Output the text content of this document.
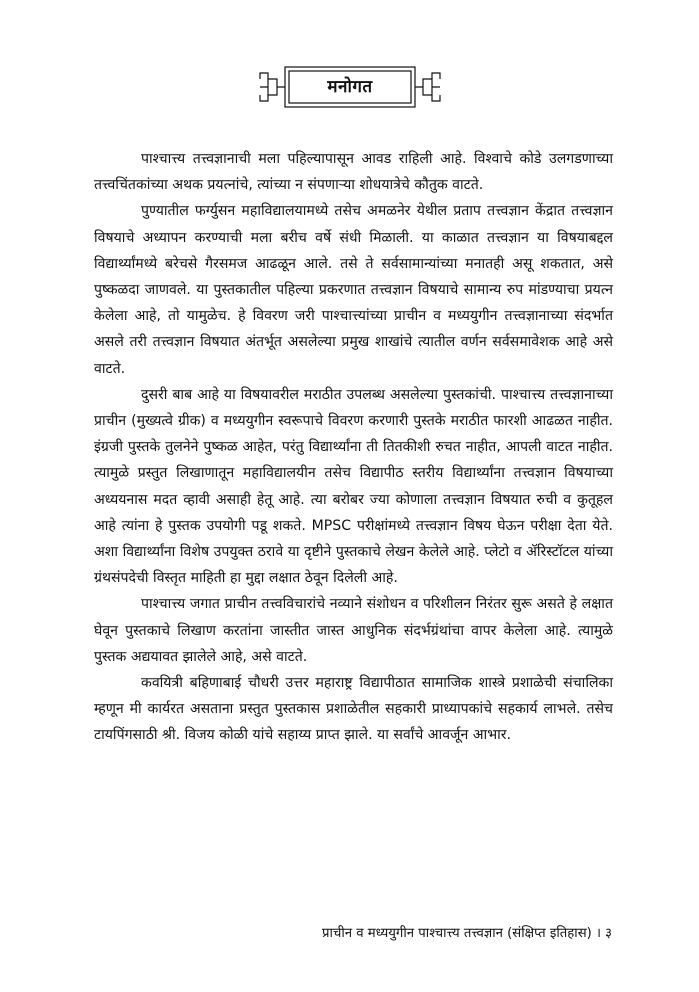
मनोगत

पाश्चात्त्य तत्त्वज्ञानाची मला पहिल्यापासून आवड राहिली आहे. विश्वाचे कोडे उलगडणाच्या तत्त्वचिंतकांच्या अथक प्रयत्नांचे, त्यांच्या न संपणाऱ्या शोधयात्रेचे कौतुक वाटते.

पुण्यातील फर्ग्युसन महाविद्यालयामध्ये तसेच अमळनेर येथील प्रताप तत्त्वज्ञान केंद्रात तत्त्वज्ञान विषयाचे अध्यापन करण्याची मला बरीच वर्षे संधी मिळाली. या काळात तत्त्वज्ञान या विषयाबद्दल विद्यार्थ्यांमध्ये बरेचसे गैरसमज आढळून आले. तसे ते सर्वसामान्यांच्या मनातही असू शकतात, असे पुष्कळदा जाणवले. या पुस्तकातील पहिल्या प्रकरणात तत्त्वज्ञान विषयाचे सामान्य रुप मांडण्याचा प्रयत्न केलेला आहे, तो यामुळेच. हे विवरण जरी पाश्चात्त्यांच्या प्राचीन व मध्ययुगीन तत्त्वज्ञानाच्या संदर्भात असले तरी तत्त्वज्ञान विषयात अंतर्भूत असलेल्या प्रमुख शाखांचे त्यातील वर्णन सर्वसमावेशक आहे असे वाटते.

दुसरी बाब आहे या विषयावरील मराठीत उपलब्ध असलेल्या पुस्तकांची. पाश्चात्त्य तत्त्वज्ञानाच्या प्राचीन (मुख्यत्वे ग्रीक) व मध्ययुगीन स्वरूपाचे विवरण करणारी पुस्तके मराठीत फारशी आढळत नाहीत. इंग्रजी पुस्तके तुलनेने पुष्कळ आहेत, परंतु विद्यार्थ्यांना ती तितकीशी रुचत नाहीत, आपली वाटत नाहीत. त्यामुळे प्रस्तुत लिखाणातून महाविद्यालयीन तसेच विद्यापीठ स्तरीय विद्यार्थ्यांना तत्त्वज्ञान विषयाच्या अध्ययनास मदत व्हावी असाही हेतू आहे. त्या बरोबर ज्या कोणाला तत्त्वज्ञान विषयात रुची व कुतूहल आहे त्यांना हे पुस्तक उपयोगी पडू शकते. MPSC परीक्षांमध्ये तत्त्वज्ञान विषय घेऊन परीक्षा देता येते. अशा विद्यार्थ्यांना विशेष उपयुक्त ठरावे या दृष्टीने पुस्तकाचे लेखन केलेले आहे. प्लेटो व ॲरिस्टॉटल यांच्या ग्रंथसंपदेची विस्तृत माहिती हा मुद्दा लक्षात ठेवून दिलेली आहे.

पाश्चात्त्य जगात प्राचीन तत्त्वविचारांचे नव्याने संशोधन व परिशीलन निरंतर सुरू असते हे लक्षात घेवून पुस्तकाचे लिखाण करतांना जास्तीत जास्त आधुनिक संदर्भग्रंथांचा वापर केलेला आहे. त्यामुळे पुस्तक अद्ययावत झालेले आहे, असे वाटते.

कवयित्री बहिणाबाई चौधरी उत्तर महाराष्ट्र विद्यापीठात सामाजिक शास्त्रे प्रशाळेची संचालिका म्हणून मी कार्यरत असताना प्रस्तुत पुस्तकास प्रशाळेतील सहकारी प्राध्यापकांचे सहकार्य लाभले. तसेच टायपिंगसाठी श्री. विजय कोळी यांचे सहाय्य प्राप्त झाले. या सर्वांचे आवर्जून आभार.

प्राचीन व मध्ययुगीन पाश्चात्त्य तत्त्वज्ञान (संक्षिप्त इतिहास) । ३
